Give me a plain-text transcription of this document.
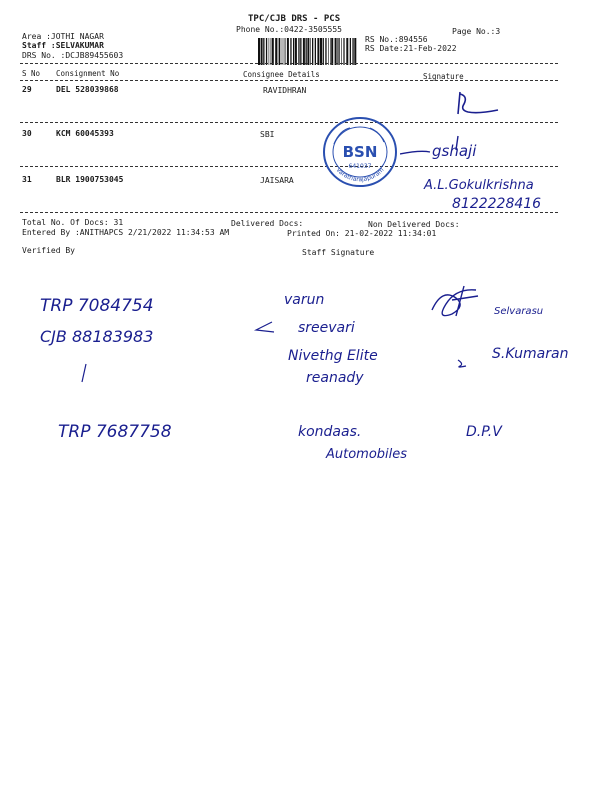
TPC/CJB DRS - PCS
Phone No.:0422-3505555	Page No.:3
Area :JOTHI NAGAR
Staff :SELVAKUMAR
DRS No. :DCJB89455603
RS No.:894556
RS Date:21-Feb-2022
S No Consignment No	Consignee Details	Signature
29	DEL 528039868	RAVIDHRAN
30	KCM 60045393	SBI
31	BLR 1900753045	JAISARA
Total No. Of Docs: 31	Delivered Docs:	Non Delivered Docs:
Entered By :ANITHAPCS 2/21/2022 11:34:53 AM	Printed On: 21-02-2022 11:34:01
Verified By	Staff Signature
Varatharajapuram
BSN
641037
gshaji
A.L.Gokulkrishna
8122228416
TRP 7084754
CJB 88183983
TRP 7687758
varun
sreevari
Nivethg Elite
reanady
kondaas.
Automobiles
Selvarasu
S.Kumaran
D.P.V
